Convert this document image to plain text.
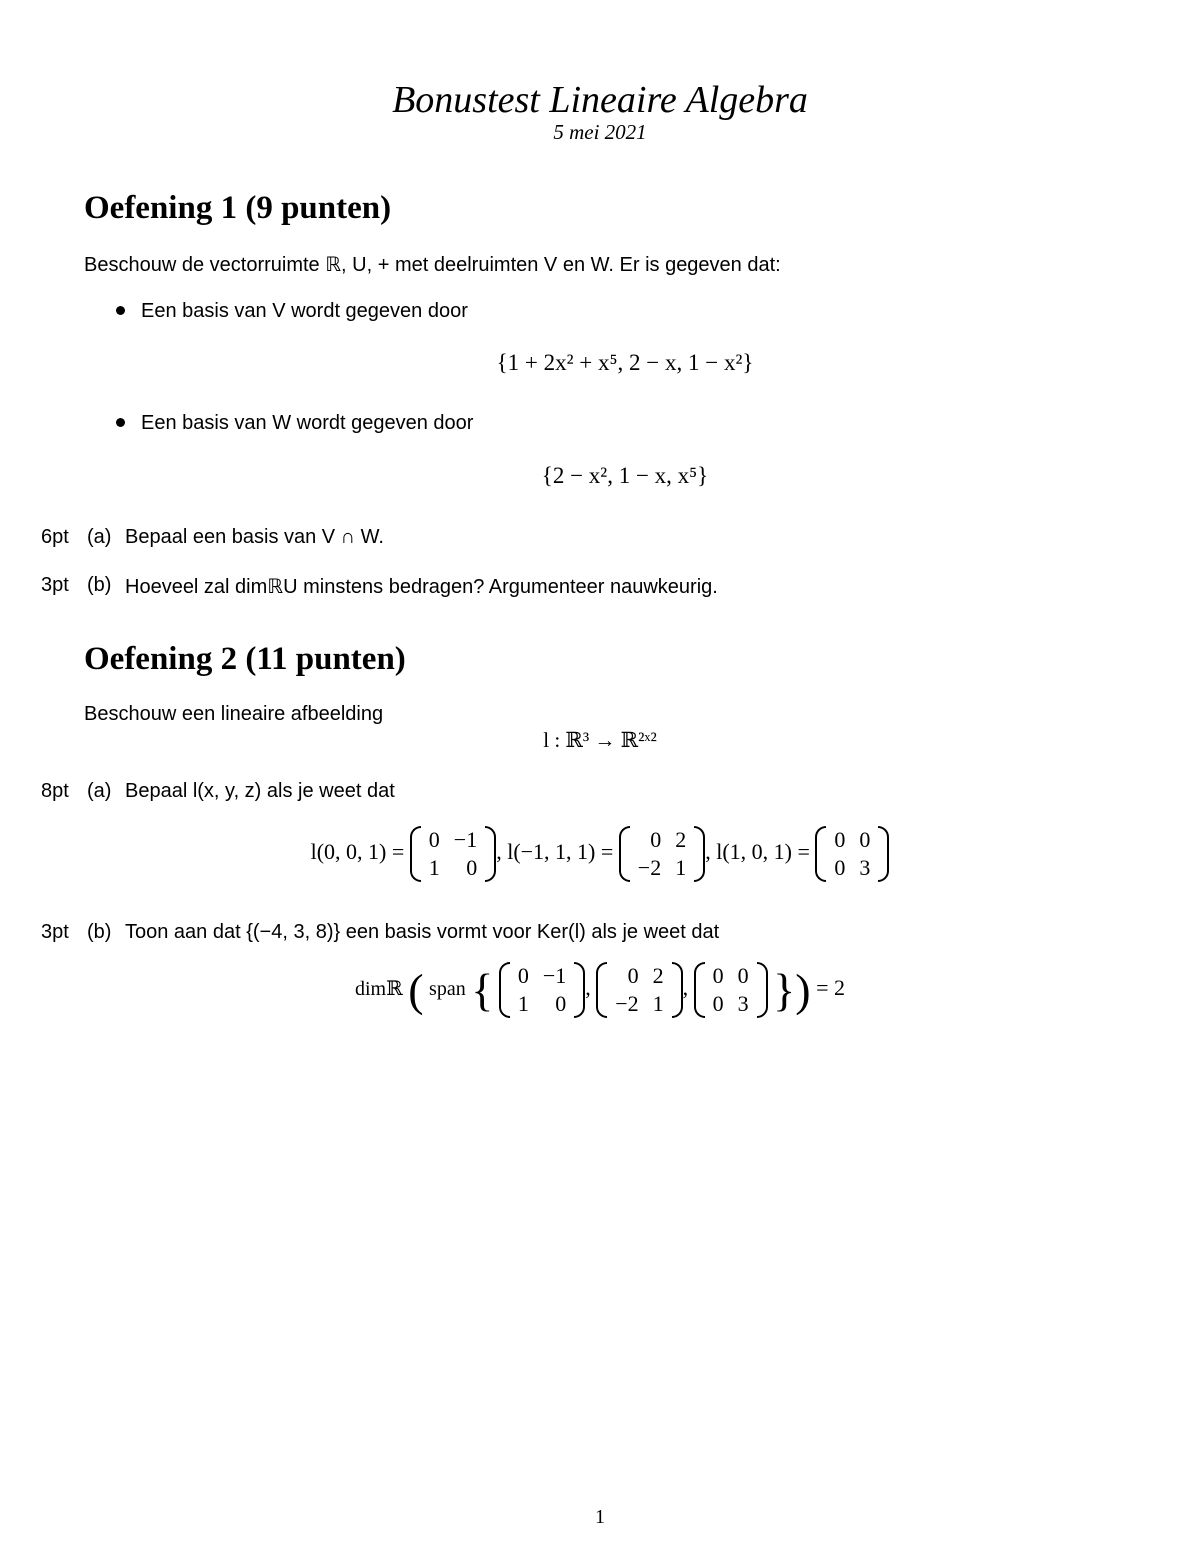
Bonustest Lineaire Algebra
5 mei 2021
Oefening 1 (9 punten)
Beschouw de vectorruimte ℝ, U, + met deelruimten V en W. Er is gegeven dat:
Een basis van V wordt gegeven door
{1 + 2x² + x⁵, 2 − x, 1 − x²}
Een basis van W wordt gegeven door
{2 − x², 1 − x, x⁵}
6pt (a) Bepaal een basis van V ∩ W.
3pt (b) Hoeveel zal dimℝU minstens bedragen? Argumenteer nauwkeurig.
Oefening 2 (11 punten)
Beschouw een lineaire afbeelding
l : ℝ³ → ℝ²ˣ²
8pt (a) Bepaal l(x, y, z) als je weet dat
l(0, 0, 1) = 0	−1
1	0
, l(−1, 1, 1) = 0	2
−2	1
, l(1, 0, 1) = 0	0
0	3
3pt (b) Toon aan dat {(−4, 3, 8)} een basis vormt voor Ker(l) als je weet dat
dimℝ ( span { 0	−1
1	0
, 0	2
−2	1
, 0	0
0	3 }) = 2
1
